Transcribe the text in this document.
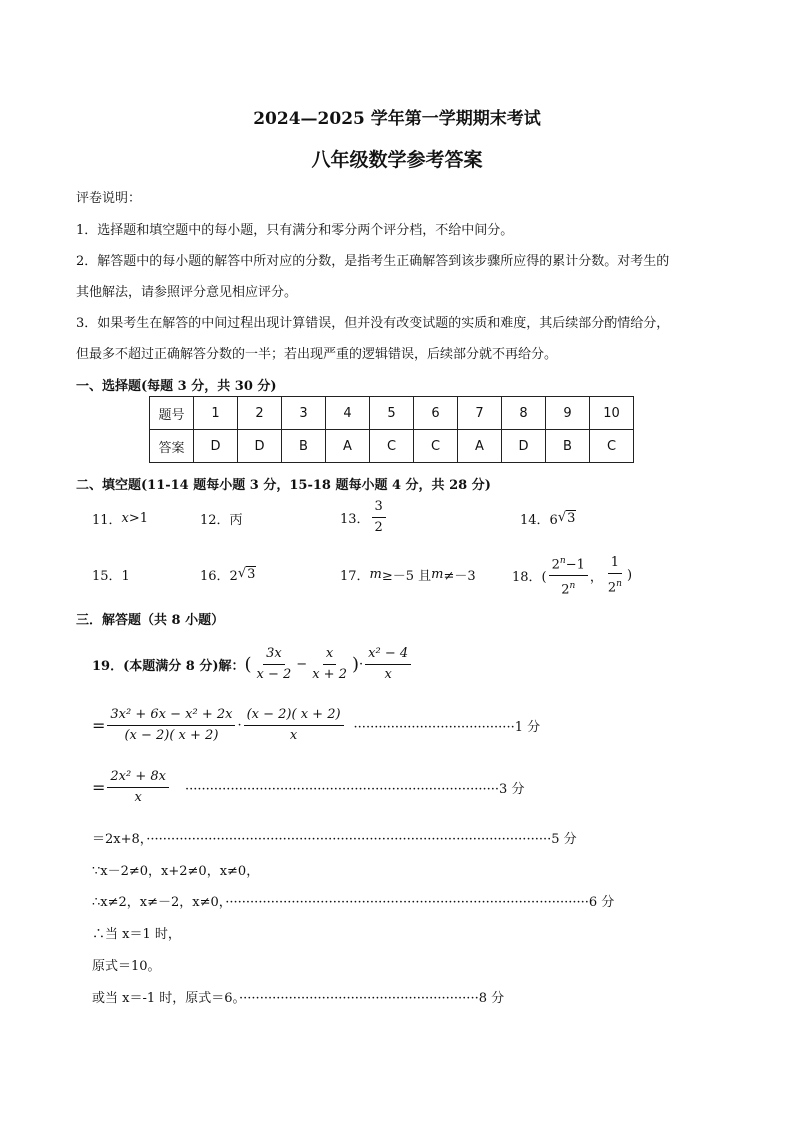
2024—2025 学年第一学期期末考试
八年级数学参考答案
评卷说明：
1．选择题和填空题中的每小题，只有满分和零分两个评分档，不给中间分。
2．解答题中的每小题的解答中所对应的分数，是指考生正确解答到该步骤所应得的累计分数。对考生的
其他解法，请参照评分意见相应评分。
3．如果考生在解答的中间过程出现计算错误，但并没有改变试题的实质和难度，其后续部分酌情给分，
但最多不超过正确解答分数的一半；若出现严重的逻辑错误，后续部分就不再给分。
一、选择题(每题 3 分，共 30 分)
题号	1	2	3	4	5	6	7	8	9	10
答案	D	D	B	A	C	C	A	D	B	C
二、填空题(11-14 题每小题 3 分，15-18 题每小题 4 分，共 28 分)
11． x >1	12．丙	13． $\frac{3}{2}$	14．6 √ 3
15．1	16．2 √ 3	17． m ≥－5 且 m ≠－3	18．( $\frac{2^n-1}{2^n}$ ， $\frac{1}{2^n}$ )
三．解答题（共 8 小题）
19．(本题满分 8 分)解： ( $\frac{3x}{x - 2} - \frac{x}{x + 2}$ ) · $\frac{\text{x² − 4}}{x}$
= $\frac{\text{3x² + 6x − x² + 2x}}{(x - 2)( x + 2)} \cdot \frac{(x - 2)( x + 2)}{x} \cdot\cdot\cdot\cdot\cdot\cdot\cdot\cdot\cdot\cdot\cdot\cdot\cdot\cdot\cdot\cdot\cdot\cdot\cdot\cdot\cdot\cdot\cdot\cdot\cdot\cdot\cdot\cdot\cdot\cdot\cdot\cdot\cdot\cdot\cdot\cdot\cdot\cdot\cdot 1$ 分
= $\frac{\text{2x² + 8x}}{x} \cdot\cdot\cdot\cdot\cdot\cdot\cdot\cdot\cdot\cdot\cdot\cdot\cdot\cdot\cdot\cdot\cdot\cdot\cdot\cdot\cdot\cdot\cdot\cdot\cdot\cdot\cdot\cdot\cdot\cdot\cdot\cdot\cdot\cdot\cdot\cdot\cdot\cdot\cdot\cdot\cdot\cdot\cdot\cdot\cdot\cdot\cdot\cdot\cdot\cdot\cdot\cdot\cdot\cdot\cdot\cdot\cdot\cdot\cdot\cdot\cdot\cdot\cdot\cdot\cdot\cdot\cdot\cdot\cdot\cdot\cdot\cdot\cdot\cdot\cdot\cdot 3$ 分
＝2x+8，··································································································5 分
∵x－2≠0，x+2≠0，x≠0，
∴x≠2，x≠－2，x≠0，························································································6 分
∴当 x＝1 时，
原式＝10。
或当 x＝-1 时，原式＝6。··························································8 分
